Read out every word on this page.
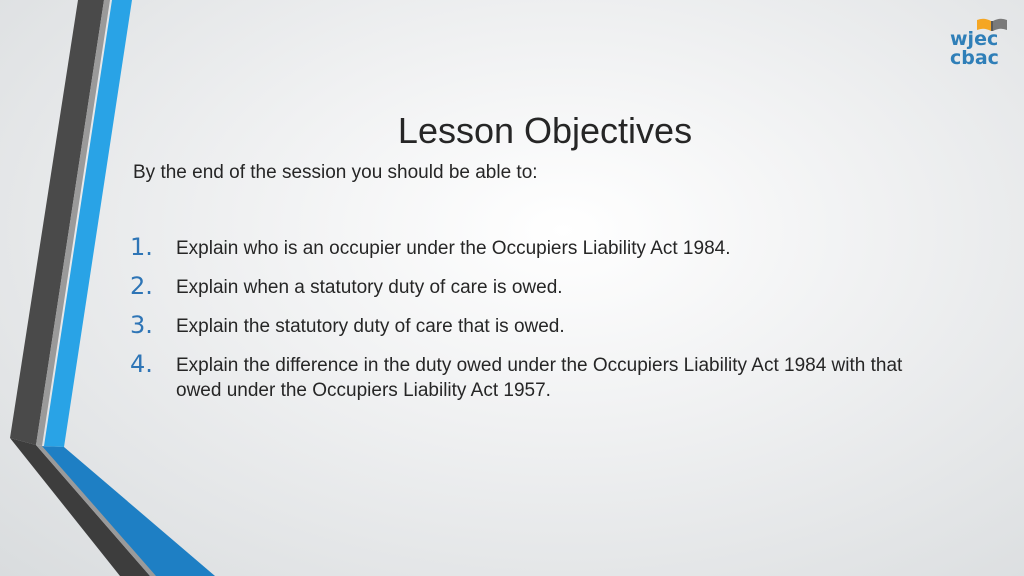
wjec
cbac
Lesson Objectives
By the end of the session you should be able to:
1.	Explain who is an occupier under the Occupiers Liability Act 1984.
2.	Explain when a statutory duty of care is owed.
3.	Explain the statutory duty of care that is owed.
4.	Explain the difference in the duty owed under the Occupiers Liability Act 1984 with that owed under the Occupiers Liability Act 1957.
